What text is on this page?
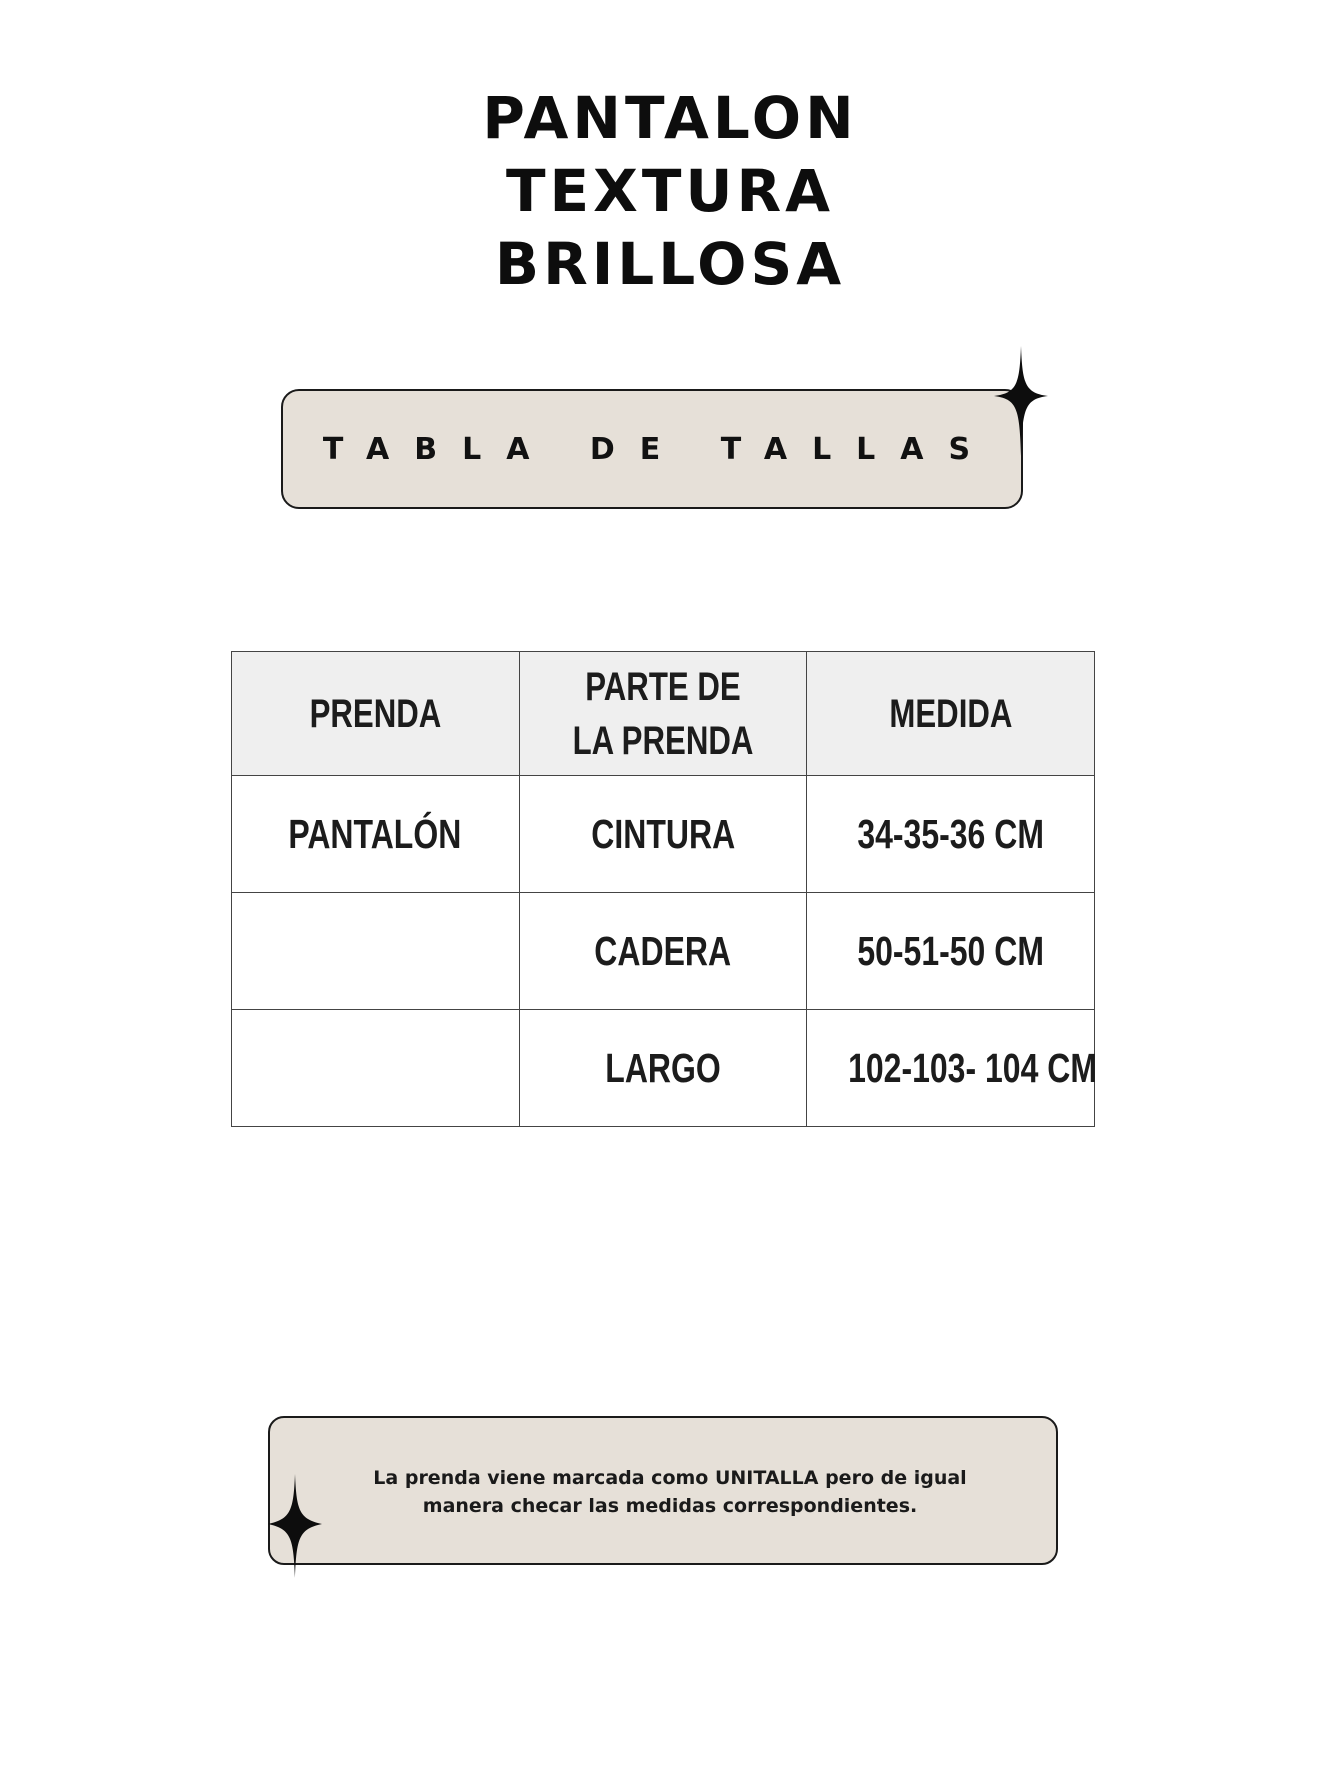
PANTALON
TEXTURA
BRILLOSA
TABLA DE TALLAS
PRENDA	PARTE DE LA PRENDA	MEDIDA
PANTALÓN	CINTURA	34-35-36 CM
	CADERA	50-51-50 CM
	LARGO	102-103- 104 CM
La prenda viene marcada como UNITALLA pero de igual manera checar las medidas correspondientes.
